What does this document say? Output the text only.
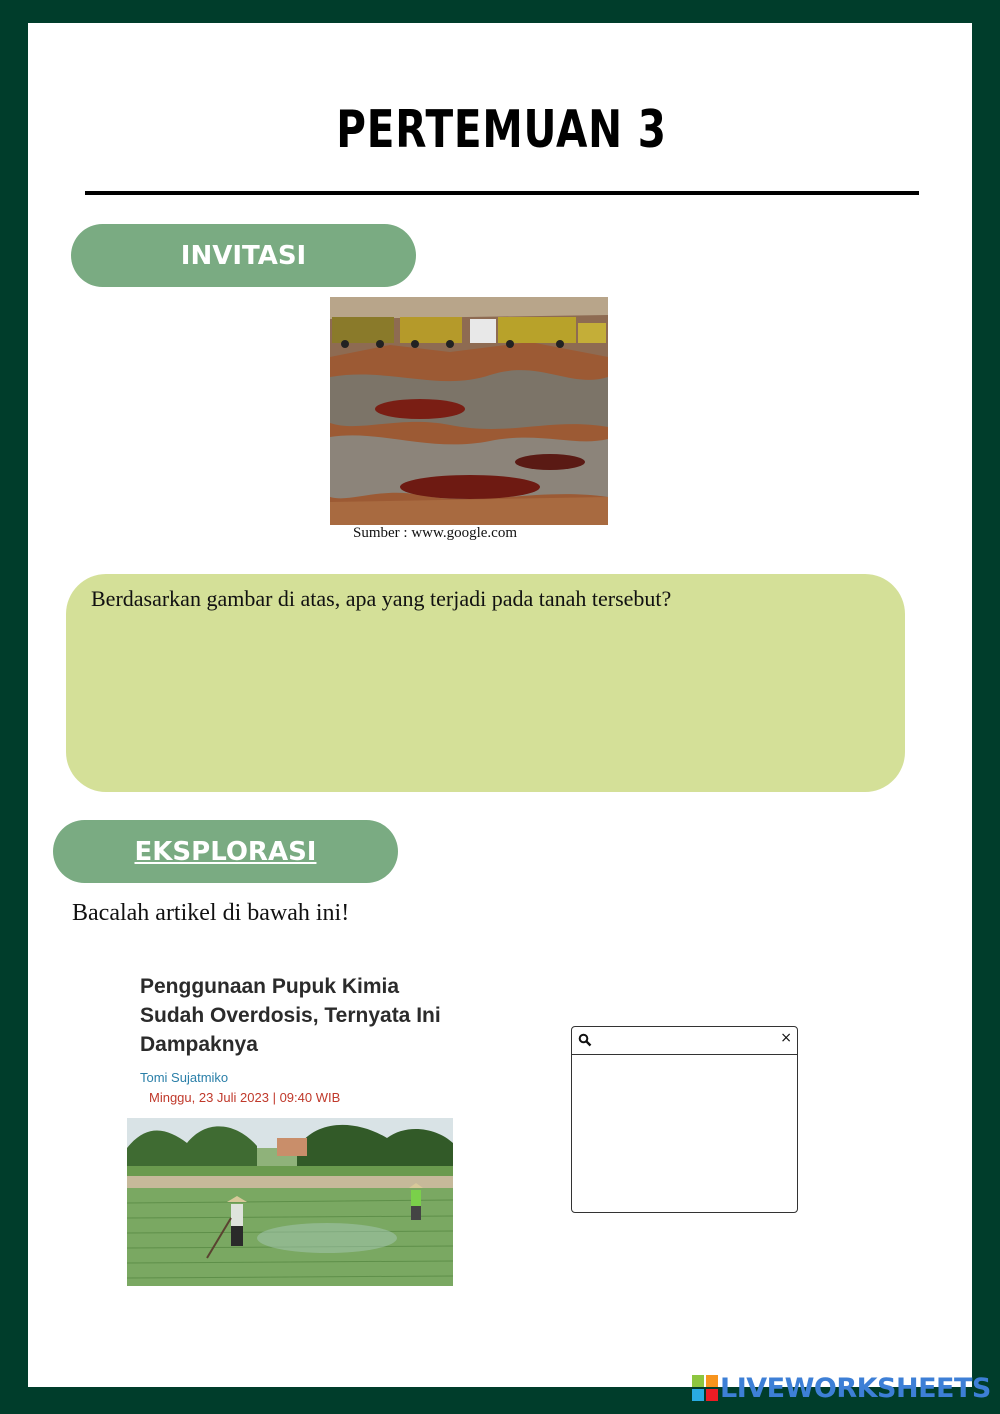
PERTEMUAN 3
INVITASI
Sumber : www.google.com
Berdasarkan gambar di atas, apa yang terjadi pada tanah tersebut?
EKSPLORASI
Bacalah artikel di bawah ini!
Penggunaan Pupuk Kimia Sudah Overdosis, Ternyata Ini Dampaknya
Tomi Sujatmiko
Minggu, 23 Juli 2023 | 09:40 WIB
×
LIVEWORKSHEETS
